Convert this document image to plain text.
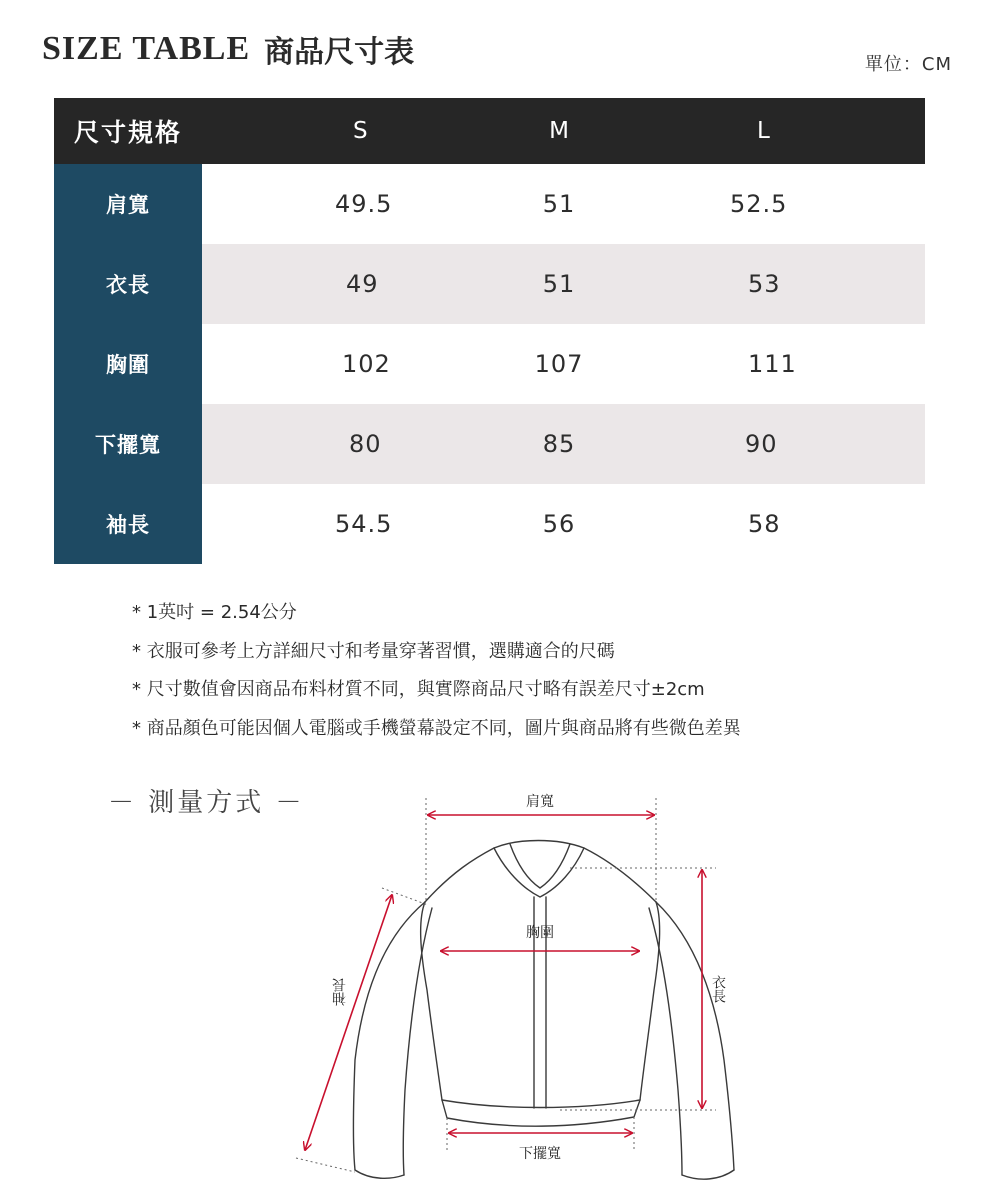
SIZE TABLE 商品尺寸表	單位：CM
尺寸規格	S	M	L
肩寬	49.5	51	52.5
衣長	49	51	53
胸圍	102	107	111
下擺寬	80	85	90
袖長	54.5	56	58
* 1英吋 = 2.54公分
* 衣服可參考上方詳細尺寸和考量穿著習慣，選購適合的尺碼
* 尺寸數值會因商品布料材質不同，與實際商品尺寸略有誤差尺寸±2cm
* 商品顏色可能因個人電腦或手機螢幕設定不同，圖片與商品將有些微色差異
－ 測量方式 －	肩寬
胸圍
衣長
下擺寬
袖長
